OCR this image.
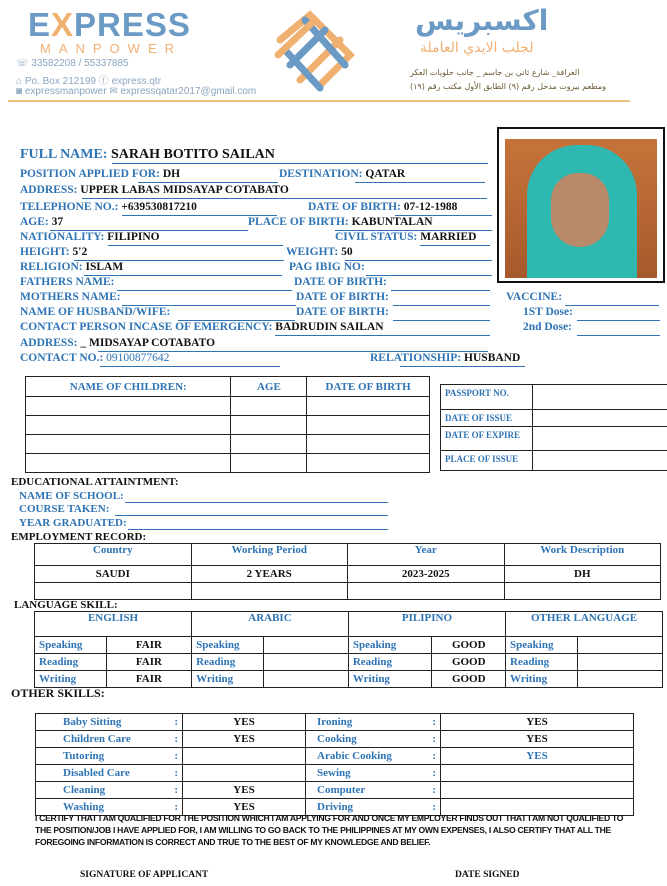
EXPRESS
MANPOWER
☏ 33582208 / 55337885
⌂ Po. Box 212199 ⓕ express.qtr
◙ expressmanpower ✉ expressqatar2017@gmail.com
اكسبريس
لجلب الايدي العاملة
الغرافة_ شارع ثاني بن جاسم _ جانب حلويات العكر
ومطعم بيروت مدخل رقم (٩) الطابق الأول مكتب رقم (١٩)
FULL NAME: SARAH BOTITO SAILAN
POSITION APPLIED FOR: DH	DESTINATION: QATAR
ADDRESS: UPPER LABAS MIDSAYAP COTABATO
TELEPHONE NO.: +639530817210	DATE OF BIRTH: 07-12-1988
AGE: 37	PLACE OF BIRTH: KABUNTALAN
NATIONALITY: FILIPINO	CIVIL STATUS: MARRIED
HEIGHT: 5'2	WEIGHT: 50
RELIGION: ISLAM	PAG IBIG NO:
FATHERS NAME:	DATE OF BIRTH:
MOTHERS NAME:	DATE OF BIRTH:
NAME OF HUSBAND/WIFE:	DATE OF BIRTH:
VACCINE:
1ST Dose:
2nd Dose:
CONTACT PERSON INCASE OF EMERGENCY: BADRUDIN SAILAN
ADDRESS: _ MIDSAYAP COTABATO
CONTACT NO.: 09100877642	RELATIONSHIP: HUSBAND
NAME OF CHILDREN:	AGE	DATE OF BIRTH

PASSPORT NO.	
DATE OF ISSUE	
DATE OF EXPIRE	
PLACE OF ISSUE	
Country	Working Period	Year	Work Description
SAUDI	2 YEARS	2023-2025	DH

ENGLISH		ARABIC		PILIPINO		OTHER LANGUAGE	
Speaking	FAIR	Speaking		Speaking	GOOD	Speaking	
Reading	FAIR	Reading		Reading	GOOD	Reading	
Writing	FAIR	Writing		Writing	GOOD	Writing	
Baby Sitting :	YES	Ironing :	YES
Children Care :	YES	Cooking :	YES
Tutoring :		Arabic Cooking :	YES
Disabled Care :		Sewing :	

Cleaning :	YES	Computer :	

Washing :	YES	Driving :	

EDUCATIONAL ATTAINTMENT:
NAME OF SCHOOL:
COURSE TAKEN:
YEAR GRADUATED:
EMPLOYMENT RECORD:
LANGUAGE SKILL:
OTHER SKILLS:
I CERTIFY THAT I AM QUALIFIED FOR THE POSITION WHICH I AM APPLYING FOR AND ONCE MY EMPLOYER FINDS OUT THAT I AM NOT QUALIFIED TO THE POSITION/JOB I HAVE APPLIED FOR, I AM WILLING TO GO BACK TO THE PHILIPPINES AT MY OWN EXPENSES, I ALSO CERTIFY THAT ALL THE FOREGOING INFORMATION IS CORRECT AND TRUE TO THE BEST OF MY KNOWLEDGE AND BELIEF.
SIGNATURE OF APPLICANT	DATE SIGNED
